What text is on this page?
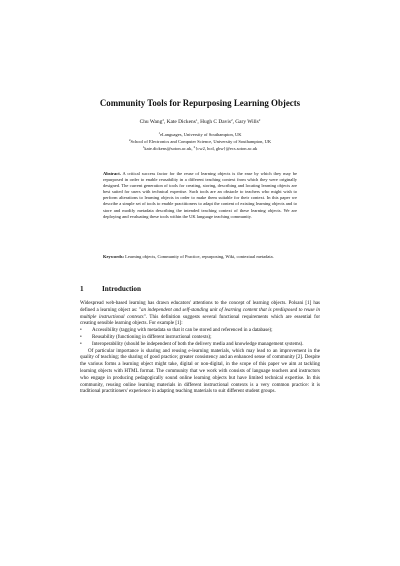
Community Tools for Repurposing Learning Objects
Chu Wang$^2$, Kate Dickens$^1$, Hugh C Davis$^2$, Gary Wills$^2$
$^1$eLanguages, University of Southampton, UK
$^2$School of Electronics and Computer Science, University of Southampton, UK
$^1$kate.dickens@soton.ac.uk, $^2${cw2, hcd, gbw}@ecs.soton.ac.uk
Abstract. A critical success factor for the reuse of learning objects is the ease by which they may be repurposed in order to enable reusability in a different teaching context from which they were originally designed. The current generation of tools for creating, storing, describing and locating learning objects are best suited for users with technical expertise. Such tools are an obstacle to teachers who might wish to perform alterations to learning objects in order to make them suitable for their context. In this paper we describe a simple set of tools to enable practitioners to adapt the content of existing learning objects and to store and modify metadata describing the intended teaching context of these learning objects. We are deploying and evaluating these tools within the UK language teaching community.
Keywords: Learning objects, Community of Practice, repurposing, Wiki, contextual metadata.
1	Introduction

Widespread web-based learning has drawn educators' attentions to the concept of learning objects. Polsani [1] has defined a learning object as: "an independent and self-standing unit of learning content that is predisposed to reuse in multiple instructional contexts". This definition suggests several functional requirements which are essential for creating sensible learning objects. For example [1]:

• Accessibility (tagging with metadata so that it can be stored and referenced in a database);
• Reusability (functioning in different instructional contexts);
• Interoperability (should be independent of both the delivery media and knowledge management systems).

Of particular importance is sharing and reusing e-learning materials, which may lead to an improvement in the quality of teaching; the sharing of good practice; greater consistency and an enhanced sense of community [2]. Despite the various forms a learning object might take, digital or non-digital, in the scope of this paper we aim at tackling learning objects with HTML format. The community that we work with consists of language teachers and instructors who engage in producing pedagogically sound online learning objects but have limited technical expertise. In this community, reusing online learning materials in different instructional contexts is a very common practice: it is traditional practitioners' experience in adapting teaching materials to suit different student groups.
